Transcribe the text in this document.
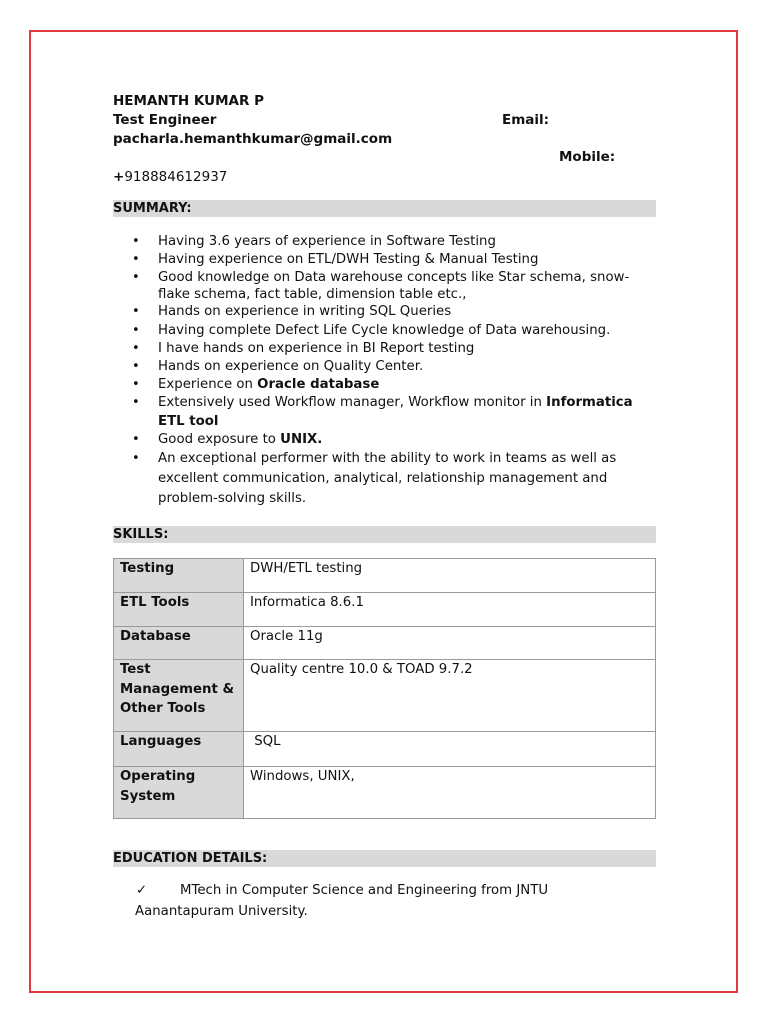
HEMANTH KUMAR P
Test Engineer	Email:
pacharla.hemanthkumar@gmail.com
Mobile:
+918884612937
SUMMARY:
• Having 3.6 years of experience in Software Testing
• Having experience on ETL/DWH Testing & Manual Testing
• Good knowledge on Data warehouse concepts like Star schema, snow-flake schema, fact table, dimension table etc.,
• Hands on experience in writing SQL Queries
• Having complete Defect Life Cycle knowledge of Data warehousing.
• I have hands on experience in BI Report testing
• Hands on experience on Quality Center.
• Experience on Oracle database
• Extensively used Workflow manager, Workflow monitor in Informatica ETL tool
• Good exposure to UNIX.
• An exceptional performer with the ability to work in teams as well as excellent communication, analytical, relationship management and problem-solving skills.
SKILLS:
Testing	DWH/ETL testing
ETL Tools	Informatica 8.6.1
Database	Oracle 11g
Test Management & Other Tools	Quality centre 10.0 & TOAD 9.7.2
Languages	SQL
Operating System	Windows, UNIX,
EDUCATION DETAILS:
✓ MTech in Computer Science and Engineering from JNTU Aanantapuram University.
